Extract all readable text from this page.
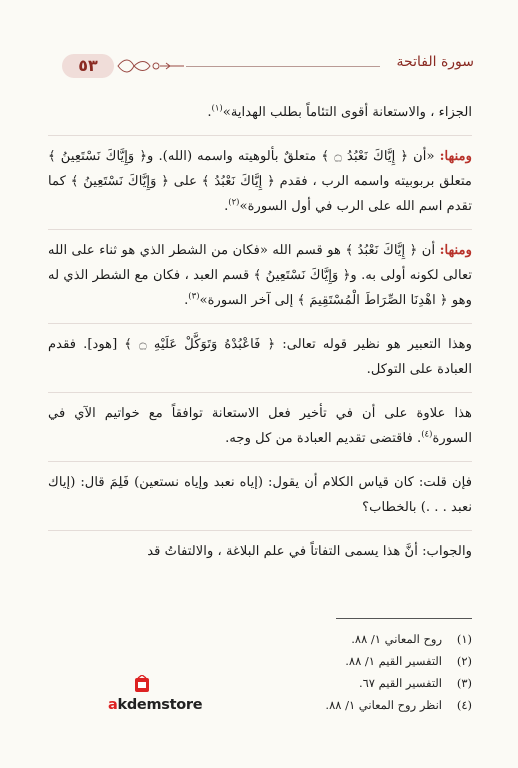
٥٣	سورة الفاتحة

الجزاء ، والاستعانة أقوى التئاماً بطلب الهداية»$^{(١)}$.

ومنها: «أن ﴿ إِيَّاكَ نَعْبُدُ ۝ ﴾ متعلقٌ بألوهيته واسمه (الله). و﴿ وَإِيَّاكَ نَسْتَعِينُ ﴾ متعلق بربوبيته واسمه الرب ، فقدم ﴿ إِيَّاكَ نَعْبُدُ ﴾ على ﴿ وَإِيَّاكَ نَسْتَعِينُ ﴾ كما تقدم اسم الله على الرب في أول السورة»$^{(٢)}$.

ومنها: أن ﴿ إِيَّاكَ نَعْبُدُ ﴾ هو قسم الله «فكان من الشطر الذي هو ثناء على الله تعالى لكونه أولى به. و﴿ وَإِيَّاكَ نَسْتَعِينُ ﴾ قسم العبد ، فكان مع الشطر الذي له وهو ﴿ اهْدِنَا الصِّرَاطَ الْمُسْتَقِيمَ ﴾ إلى آخر السورة»$^{(٣)}$.

وهذا التعبير هو نظير قوله تعالى: ﴿ فَاعْبُدْهُ وَتَوَكَّلْ عَلَيْهِ ۝ ﴾ [هود]. فقدم العبادة على التوكل.

هذا علاوة على أن في تأخير فعل الاستعانة توافقاً مع خواتيم الآي في السورة$^{(٤)}$. فاقتضى تقديم العبادة من كل وجه.

فإن قلت: كان قياس الكلام أن يقول: (إياه نعبد وإياه نستعين) فَلِمَ قال: (إياك نعبد . . .) بالخطاب؟

والجواب: أنَّ هذا يسمى التفاتاً في علم البلاغة ، والالتفاتُ قد

(١)روح المعاني ١/ ٨٨.
(٢)التفسير القيم ١/ ٨٨.
(٣)التفسير القيم ٦٧.
(٤)انظر روح المعاني ١/ ٨٨.
akdemstore
